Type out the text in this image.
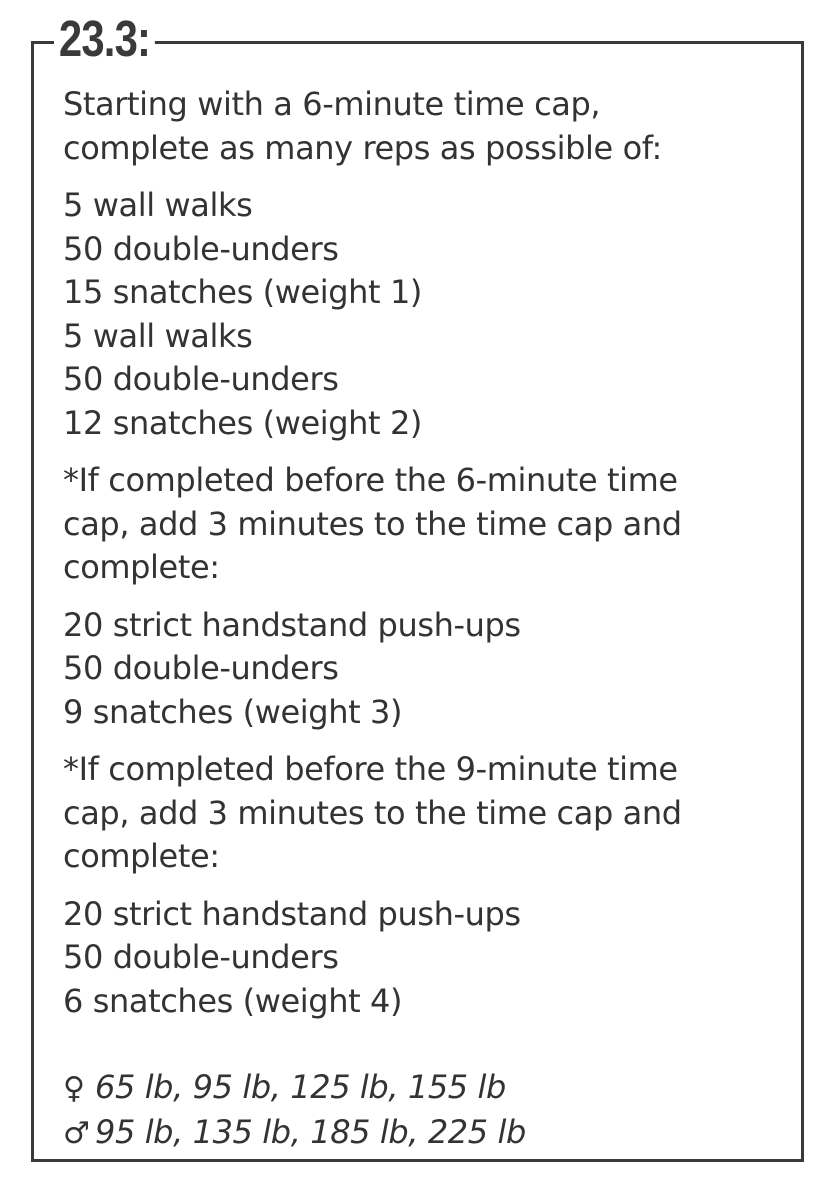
23.3:
Starting with a 6-minute time cap,
complete as many reps as possible of:
5 wall walks
50 double-unders
15 snatches (weight 1)
5 wall walks
50 double-unders
12 snatches (weight 2)
*If completed before the 6-minute time
cap, add 3 minutes to the time cap and
complete:
20 strict handstand push-ups
50 double-unders
9 snatches (weight 3)
*If completed before the 9-minute time
cap, add 3 minutes to the time cap and
complete:
20 strict handstand push-ups
50 double-unders
6 snatches (weight 4)
♀ 65 lb, 95 lb, 125 lb, 155 lb
♂ 95 lb, 135 lb, 185 lb, 225 lb
